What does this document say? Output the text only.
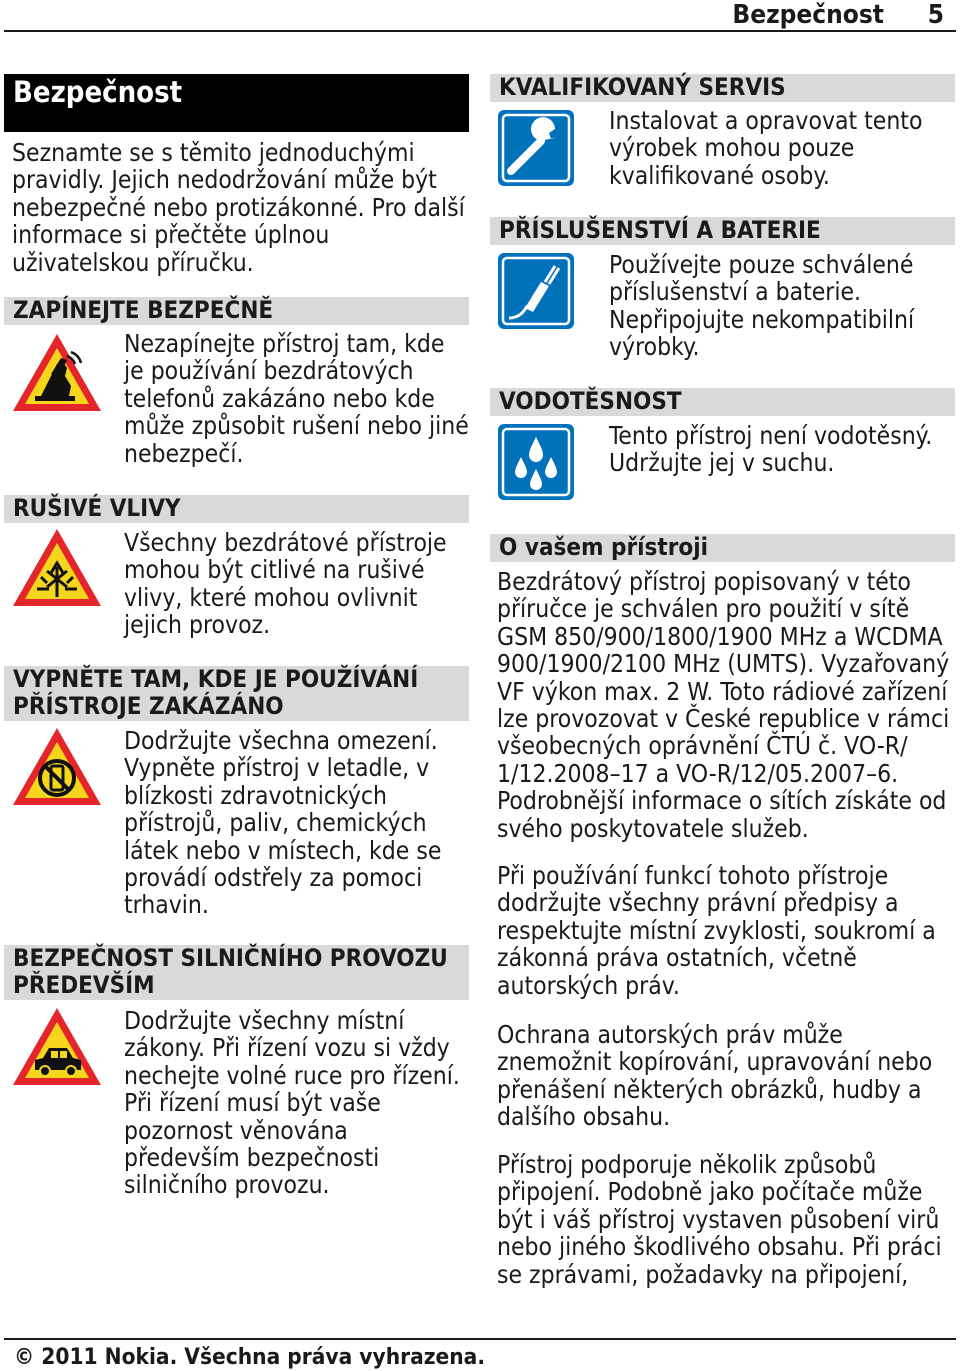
Bezpečnost 5
Bezpečnost

Seznamte se s těmito jednoduchými pravidly. Jejich nedodržování může být nebezpečné nebo protizákonné. Pro další informace si přečtěte úplnou uživatelskou příručku.

ZAPÍNEJTE BEZPEČNĚ

Nezapínejte přístroj tam, kde je používání bezdrátových telefonů zakázáno nebo kde může způsobit rušení nebo jiné nebezpečí.

RUŠIVÉ VLIVY

Všechny bezdrátové přístroje mohou být citlivé na rušivé vlivy, které mohou ovlivnit jejich provoz.

VYPNĚTE TAM, KDE JE POUŽÍVÁNÍ
PŘÍSTROJE ZAKÁZÁNO

Dodržujte všechna omezení. Vypněte přístroj v letadle, v blízkosti zdravotnických přístrojů, paliv, chemických látek nebo v místech, kde se provádí odstřely za pomoci trhavin.

BEZPEČNOST SILNIČNÍHO PROVOZU
PŘEDEVŠÍM

Dodržujte všechny místní zákony. Při řízení vozu si vždy nechejte volné ruce pro řízení. Při řízení musí být vaše pozornost věnována především bezpečnosti silničního provozu.

KVALIFIKOVANÝ SERVIS

Instalovat a opravovat tento výrobek mohou pouze kvalifikované osoby.

PŘÍSLUŠENSTVÍ A BATERIE

Používejte pouze schválené příslušenství a baterie. Nepřipojujte nekompatibilní výrobky.

VODOTĚSNOST

Tento přístroj není vodotěsný. Udržujte jej v suchu.

O vašem přístroji

Bezdrátový přístroj popisovaný v této příručce je schválen pro použití v sítě GSM 850/900/1800/1900 MHz a WCDMA 900/1900/2100 MHz (UMTS). Vyzařovaný VF výkon max. 2 W. Toto rádiové zařízení lze provozovat v České republice v rámci všeobecných oprávnění ČTÚ č. VO-R/ 1/12.2008–17 a VO-R/12/05.2007–6. Podrobnější informace o sítích získáte od svého poskytovatele služeb.

Při používání funkcí tohoto přístroje dodržujte všechny právní předpisy a respektujte místní zvyklosti, soukromí a zákonná práva ostatních, včetně autorských práv.

Ochrana autorských práv může znemožnit kopírování, upravování nebo přenášení některých obrázků, hudby a dalšího obsahu.

Přístroj podporuje několik způsobů připojení. Podobně jako počítače může být i váš přístroj vystaven působení virů nebo jiného škodlivého obsahu. Při práci se zprávami, požadavky na připojení,

© 2011 Nokia. Všechna práva vyhrazena.
